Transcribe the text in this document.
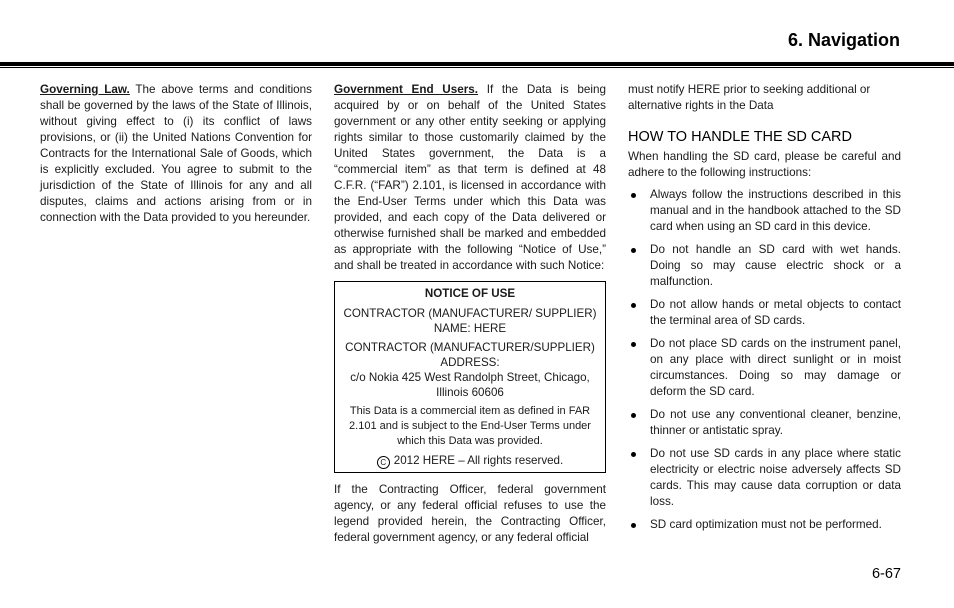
6. Navigation

Governing Law. The above terms and conditions shall be governed by the laws of the State of Illinois, without giving effect to (i) its conflict of laws provisions, or (ii) the United Nations Convention for Contracts for the International Sale of Goods, which is explicitly excluded. You agree to submit to the jurisdiction of the State of Illinois for any and all disputes, claims and actions arising from or in connection with the Data provided to you hereunder.

Government End Users. If the Data is being acquired by or on behalf of the United States government or any other entity seeking or applying rights similar to those customarily claimed by the United States government, the Data is a “commercial item” as that term is defined at 48 C.F.R. (“FAR”) 2.101, is licensed in accordance with the End-User Terms under which this Data was provided, and each copy of the Data delivered or otherwise furnished shall be marked and embedded as appropriate with the following “Notice of Use,” and shall be treated in accordance with such Notice:

NOTICE OF USE
CONTRACTOR (MANUFACTURER/ SUPPLIER) NAME: HERE
CONTRACTOR (MANUFACTURER/SUPPLIER) ADDRESS:
c/o Nokia 425 West Randolph Street, Chicago, Illinois 60606
This Data is a commercial item as defined in FAR 2.101 and is subject to the End-User Terms under which this Data was provided.
C 2012 HERE – All rights reserved.

If the Contracting Officer, federal government agency, or any federal official refuses to use the legend provided herein, the Contracting Officer, federal government agency, or any federal official

must notify HERE prior to seeking additional or alternative rights in the Data

HOW TO HANDLE THE SD CARD

When handling the SD card, please be careful and adhere to the following instructions:

Always follow the instructions described in this manual and in the handbook attached to the SD card when using an SD card in this device.
Do not handle an SD card with wet hands. Doing so may cause electric shock or a malfunction.
Do not allow hands or metal objects to contact the terminal area of SD cards.
Do not place SD cards on the instrument panel, on any place with direct sunlight or in moist circumstances. Doing so may damage or deform the SD card.
Do not use any conventional cleaner, benzine, thinner or antistatic spray.
Do not use SD cards in any place where static electricity or electric noise adversely affects SD cards. This may cause data corruption or data loss.
SD card optimization must not be performed.
6-67
